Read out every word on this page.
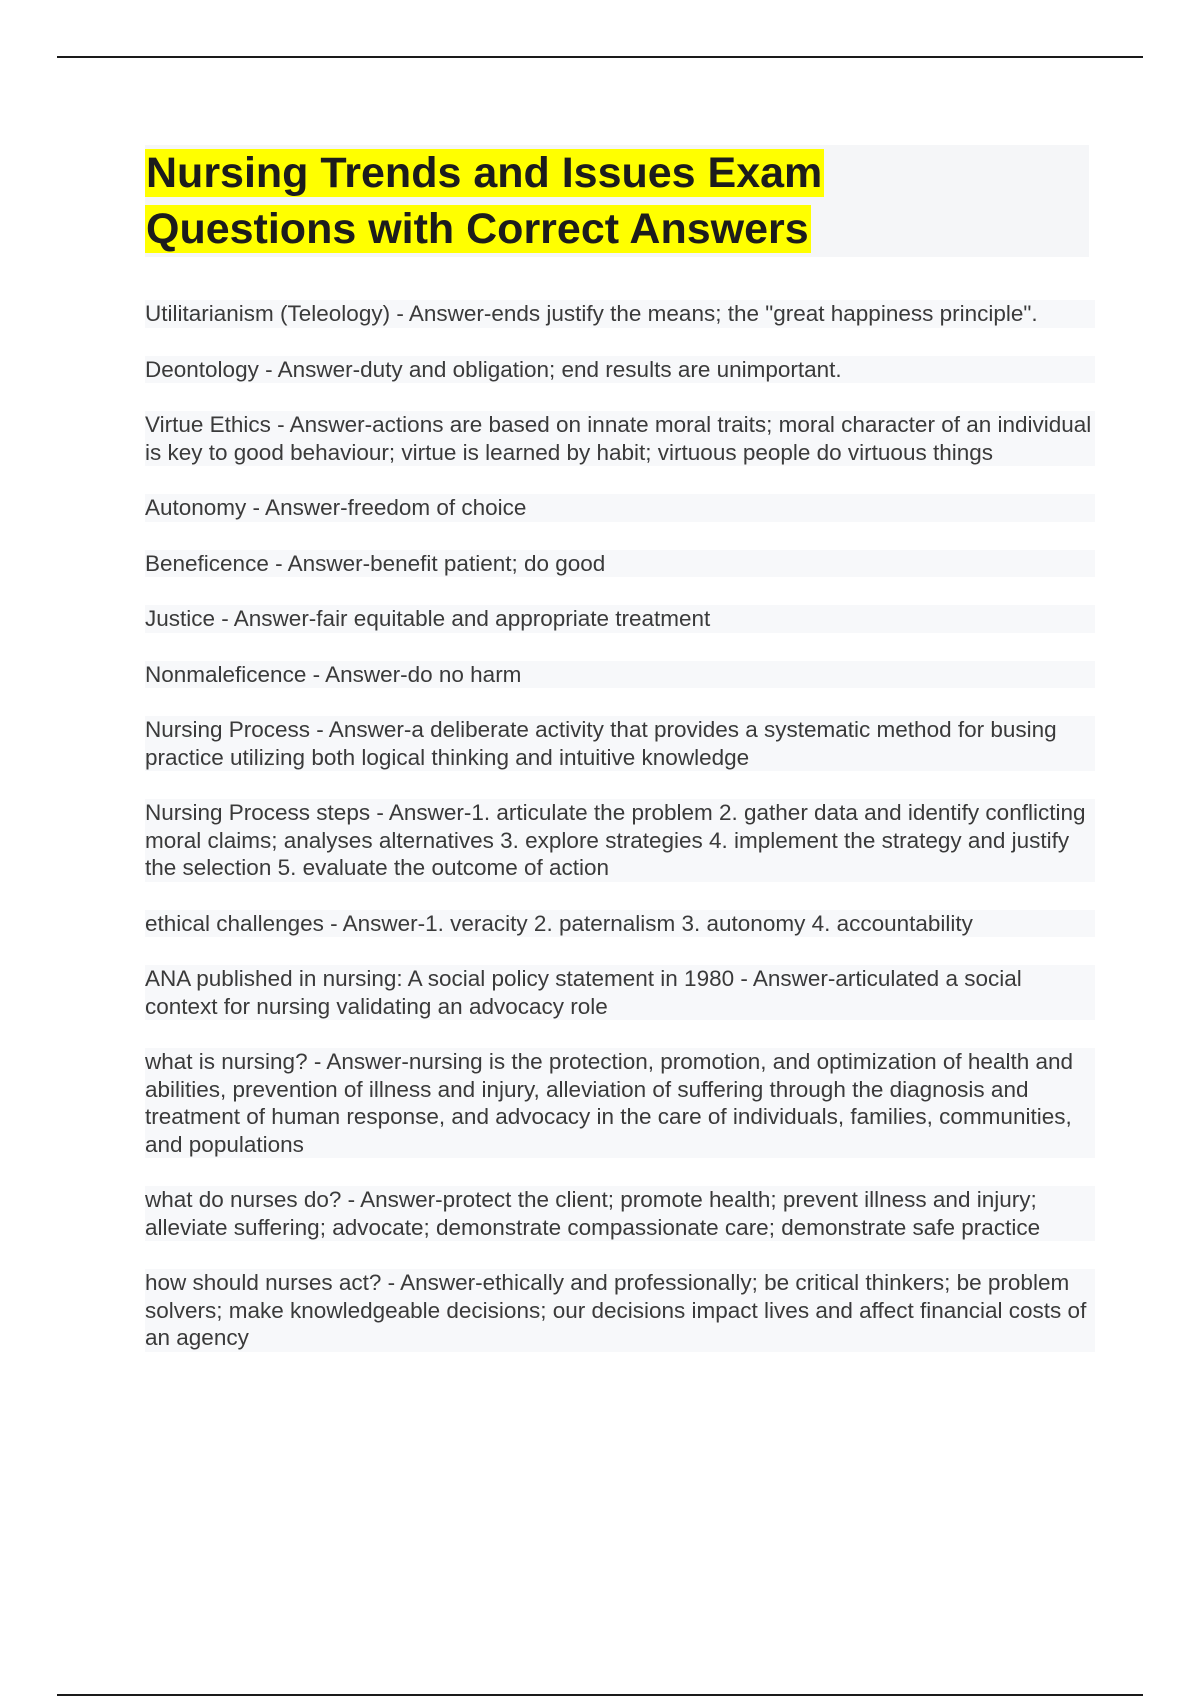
Nursing Trends and Issues Exam
Questions with Correct Answers

Utilitarianism (Teleology) - Answer-ends justify the means; the "great happiness principle".

Deontology - Answer-duty and obligation; end results are unimportant.

Virtue Ethics - Answer-actions are based on innate moral traits; moral character of an individual is key to good behaviour; virtue is learned by habit; virtuous people do virtuous things

Autonomy - Answer-freedom of choice

Beneficence - Answer-benefit patient; do good

Justice - Answer-fair equitable and appropriate treatment

Nonmaleficence - Answer-do no harm

Nursing Process - Answer-a deliberate activity that provides a systematic method for busing practice utilizing both logical thinking and intuitive knowledge

Nursing Process steps - Answer-1. articulate the problem 2. gather data and identify conflicting moral claims; analyses alternatives 3. explore strategies 4. implement the strategy and justify the selection 5. evaluate the outcome of action

ethical challenges - Answer-1. veracity 2. paternalism 3. autonomy 4. accountability

ANA published in nursing: A social policy statement in 1980 - Answer-articulated a social context for nursing validating an advocacy role

what is nursing? - Answer-nursing is the protection, promotion, and optimization of health and abilities, prevention of illness and injury, alleviation of suffering through the diagnosis and treatment of human response, and advocacy in the care of individuals, families, communities, and populations

what do nurses do? - Answer-protect the client; promote health; prevent illness and injury; alleviate suffering; advocate; demonstrate compassionate care; demonstrate safe practice

how should nurses act? - Answer-ethically and professionally; be critical thinkers; be problem solvers; make knowledgeable decisions; our decisions impact lives and affect financial costs of an agency
